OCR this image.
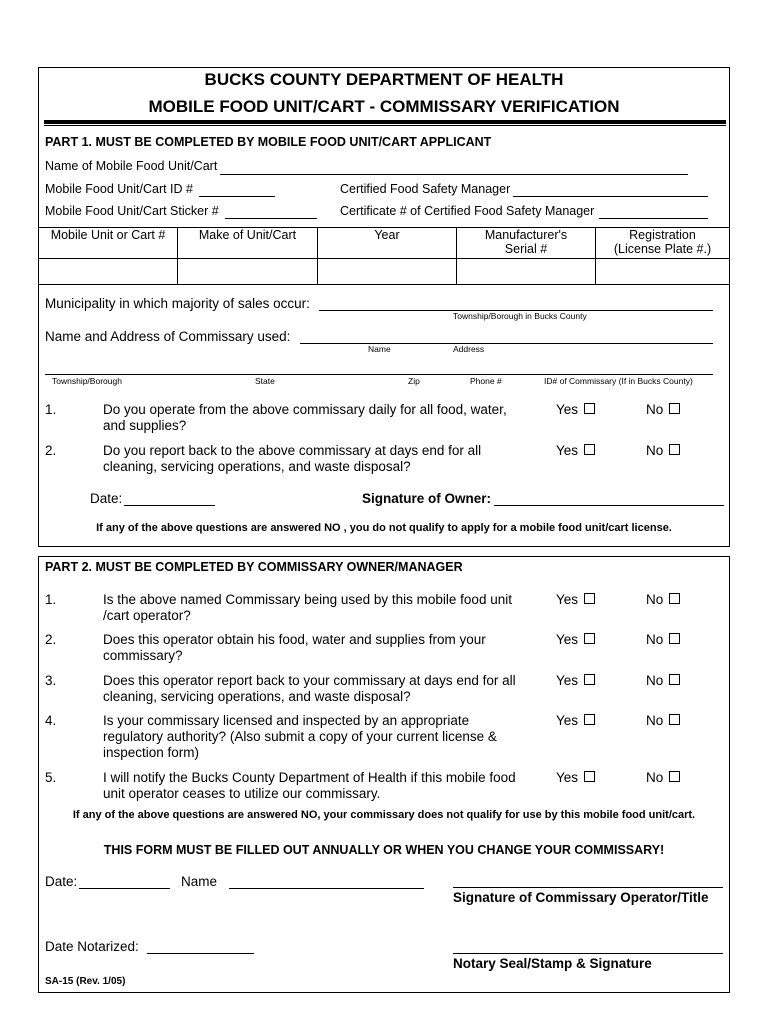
BUCKS COUNTY DEPARTMENT OF HEALTH
MOBILE FOOD UNIT/CART - COMMISSARY VERIFICATION
PART 1. MUST BE COMPLETED BY MOBILE FOOD UNIT/CART APPLICANT
Name of Mobile Food Unit/Cart
Mobile Food Unit/Cart ID #	Certified Food Safety Manager
Mobile Food Unit/Cart Sticker #	Certificate # of Certified Food Safety Manager
Mobile Unit or Cart #	Make of Unit/Cart	Year	Manufacturer's Serial #	Registration (License Plate #.)

Municipality in which majority of sales occur:
Township/Borough in Bucks County
Name and Address of Commissary used:
Name	Address
Township/Borough	State	Zip	Phone #	ID# of Commissary (If in Bucks County)
1.	Do you operate from the above commissary daily for all food, water, and supplies?
Yes	No
2.	Do you report back to the above commissary at days end for all cleaning, servicing operations, and waste disposal?
Yes	No
Date:	Signature of Owner:
If any of the above questions are answered NO , you do not qualify to apply for a mobile food unit/cart license.
PART 2. MUST BE COMPLETED BY COMMISSARY OWNER/MANAGER
1.	Is the above named Commissary being used by this mobile food unit /cart operator?
Yes	No
2.	Does this operator obtain his food, water and supplies from your commissary?
Yes	No
3.	Does this operator report back to your commissary at days end for all cleaning, servicing operations, and waste disposal?
Yes	No
4.	Is your commissary licensed and inspected by an appropriate regulatory authority? (Also submit a copy of your current license & inspection form)
Yes	No
5.	I will notify the Bucks County Department of Health if this mobile food unit operator ceases to utilize our commissary.
Yes	No
If any of the above questions are answered NO, your commissary does not qualify for use by this mobile food unit/cart.
THIS FORM MUST BE FILLED OUT ANNUALLY OR WHEN YOU CHANGE YOUR COMMISSARY!
Date:	Name
Signature of Commissary Operator/Title
Date Notarized:
Notary Seal/Stamp & Signature
SA-15 (Rev. 1/05)
